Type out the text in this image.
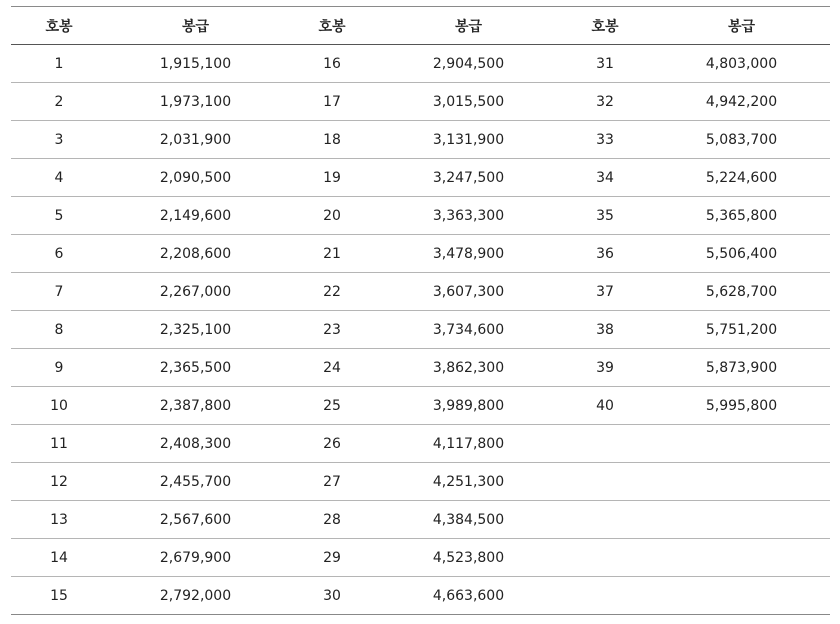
호봉	봉급	호봉	봉급	호봉	봉급
1	1,915,100	16	2,904,500	31	4,803,000
2	1,973,100	17	3,015,500	32	4,942,200
3	2,031,900	18	3,131,900	33	5,083,700
4	2,090,500	19	3,247,500	34	5,224,600
5	2,149,600	20	3,363,300	35	5,365,800
6	2,208,600	21	3,478,900	36	5,506,400
7	2,267,000	22	3,607,300	37	5,628,700
8	2,325,100	23	3,734,600	38	5,751,200
9	2,365,500	24	3,862,300	39	5,873,900
10	2,387,800	25	3,989,800	40	5,995,800
11	2,408,300	26	4,117,800		
12	2,455,700	27	4,251,300		
13	2,567,600	28	4,384,500		
14	2,679,900	29	4,523,800		
15	2,792,000	30	4,663,600		
